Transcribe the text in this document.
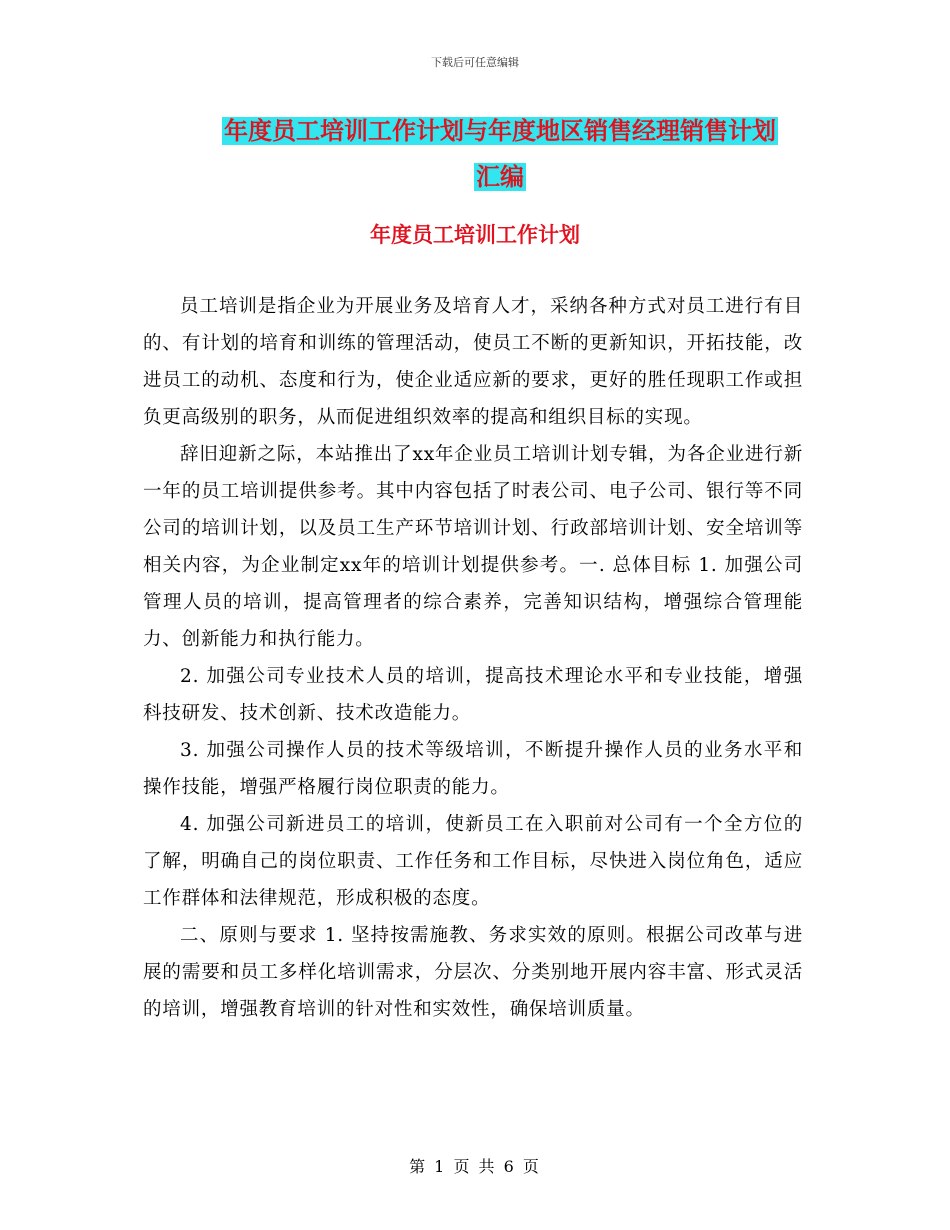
下载后可任意编辑
年度员工培训工作计划与年度地区销售经理销售计划
汇编
年度员工培训工作计划

员工培训是指企业为开展业务及培育人才，采纳各种方式对员工进行有目的、有计划的培育和训练的管理活动，使员工不断的更新知识，开拓技能，改进员工的动机、态度和行为，使企业适应新的要求，更好的胜任现职工作或担负更高级别的职务，从而促进组织效率的提高和组织目标的实现。

辞旧迎新之际，本站推出了xx年企业员工培训计划专辑，为各企业进行新一年的员工培训提供参考。其中内容包括了时表公司、电子公司、银行等不同公司的培训计划，以及员工生产环节培训计划、行政部培训计划、安全培训等相关内容，为企业制定xx年的培训计划提供参考。一. 总体目标 1. 加强公司管理人员的培训，提高管理者的综合素养，完善知识结构，增强综合管理能力、创新能力和执行能力。

2. 加强公司专业技术人员的培训，提高技术理论水平和专业技能，增强科技研发、技术创新、技术改造能力。

3. 加强公司操作人员的技术等级培训，不断提升操作人员的业务水平和操作技能，增强严格履行岗位职责的能力。

4. 加强公司新进员工的培训，使新员工在入职前对公司有一个全方位的了解，明确自己的岗位职责、工作任务和工作目标，尽快进入岗位角色，适应工作群体和法律规范，形成积极的态度。

二、原则与要求 1. 坚持按需施教、务求实效的原则。根据公司改革与进展的需要和员工多样化培训需求，分层次、分类别地开展内容丰富、形式灵活的培训，增强教育培训的针对性和实效性，确保培训质量。

第 1 页 共 6 页
